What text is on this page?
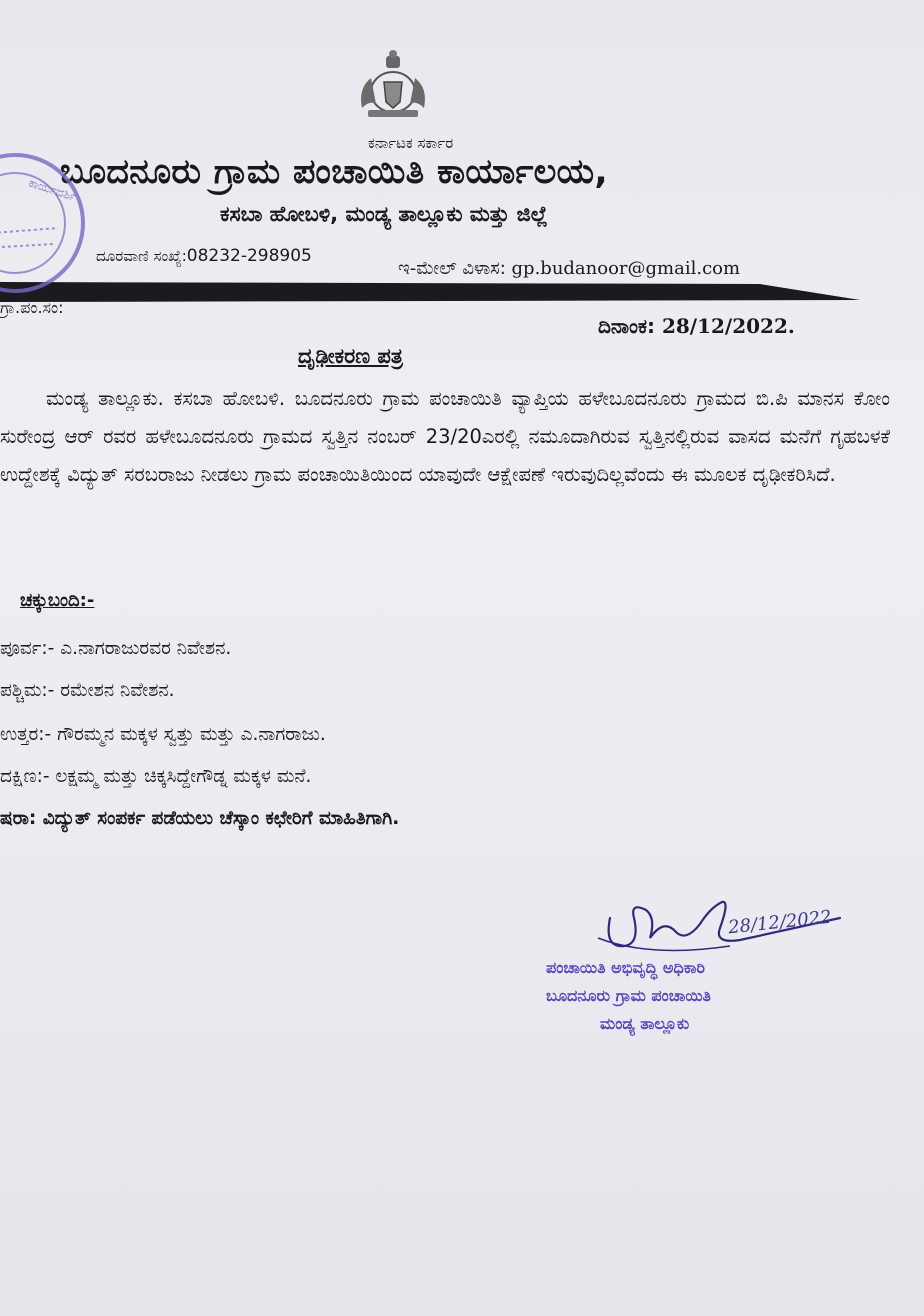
ಕರ್ನಾಟಕ ಸರ್ಕಾರ
ಬೂದನೂರು ಗ್ರಾಮ ಪಂಚಾಯಿತಿ ಕಾರ್ಯಾಲಯ,
ಕಸಬಾ ಹೋಬಳಿ, ಮಂಡ್ಯ ತಾಲ್ಲೂಕು ಮತ್ತು ಜಿಲ್ಲೆ
ದೂರವಾಣಿ ಸಂಖ್ಯೆ:08232-298905
ಇ-ಮೇಲ್ ವಿಳಾಸ: gp.budanoor@gmail.com
ಗ್ರಾ.ಪಂ.ಸಂ:
ದಿನಾಂಕ: 28/12/2022.
ದೃಢೀಕರಣ ಪತ್ರ
ಮಂಡ್ಯ ತಾಲ್ಲೂಕು. ಕಸಬಾ ಹೋಬಳಿ. ಬೂದನೂರು ಗ್ರಾಮ ಪಂಚಾಯಿತಿ ವ್ಯಾಪ್ತಿಯ ಹಳೇಬೂದನೂರು ಗ್ರಾಮದ ಬಿ.ಪಿ ಮಾನಸ ಕೋಂ ಸುರೇಂದ್ರ ಆರ್ ರವರ ಹಳೇಬೂದನೂರು ಗ್ರಾಮದ ಸ್ವತ್ತಿನ ನಂಬರ್ 23/20ಎರಲ್ಲಿ ನಮೂದಾಗಿರುವ ಸ್ವತ್ತಿನಲ್ಲಿರುವ ವಾಸದ ಮನೆಗೆ ಗೃಹಬಳಕೆ ಉದ್ದೇಶಕ್ಕೆ ವಿದ್ಯುತ್ ಸರಬರಾಜು ನೀಡಲು ಗ್ರಾಮ ಪಂಚಾಯಿತಿಯಿಂದ ಯಾವುದೇ ಆಕ್ಷೇಪಣೆ ಇರುವುದಿಲ್ಲವೆಂದು ಈ ಮೂಲಕ ದೃಢೀಕರಿಸಿದೆ.
ಚಕ್ಕುಬಂದಿ:-
ಪೂರ್ವ:- ಎ.ನಾಗರಾಜುರವರ ನಿವೇಶನ.
ಪಶ್ಚಿಮ:- ರಮೇಶನ ನಿವೇಶನ.
ಉತ್ತರ:- ಗೌರಮ್ಮನ ಮಕ್ಕಳ ಸ್ವತ್ತು ಮತ್ತು ಎ.ನಾಗರಾಜು.
ದಕ್ಷಿಣ:- ಲಕ್ಷಮ್ಮ ಮತ್ತು ಚಿಕ್ಕಸಿದ್ದೇಗೌಡ್ನ ಮಕ್ಕಳ ಮನೆ.
ಷರಾ: ವಿದ್ಯುತ್ ಸಂಪರ್ಕ ಪಡೆಯಲು ಚೆಸ್ಕಾಂ ಕಛೇರಿಗೆ ಮಾಹಿತಿಗಾಗಿ.
28/12/2022
ಪಂಚಾಯಿತಿ ಅಭಿವೃದ್ಧಿ ಅಧಿಕಾರಿ
ಬೂದನೂರು ಗ್ರಾಮ ಪಂಚಾಯಿತಿ
ಮಂಡ್ಯ ತಾಲ್ಲೂಕು
ಕಾರ್ಯದರ್ಶಿ
